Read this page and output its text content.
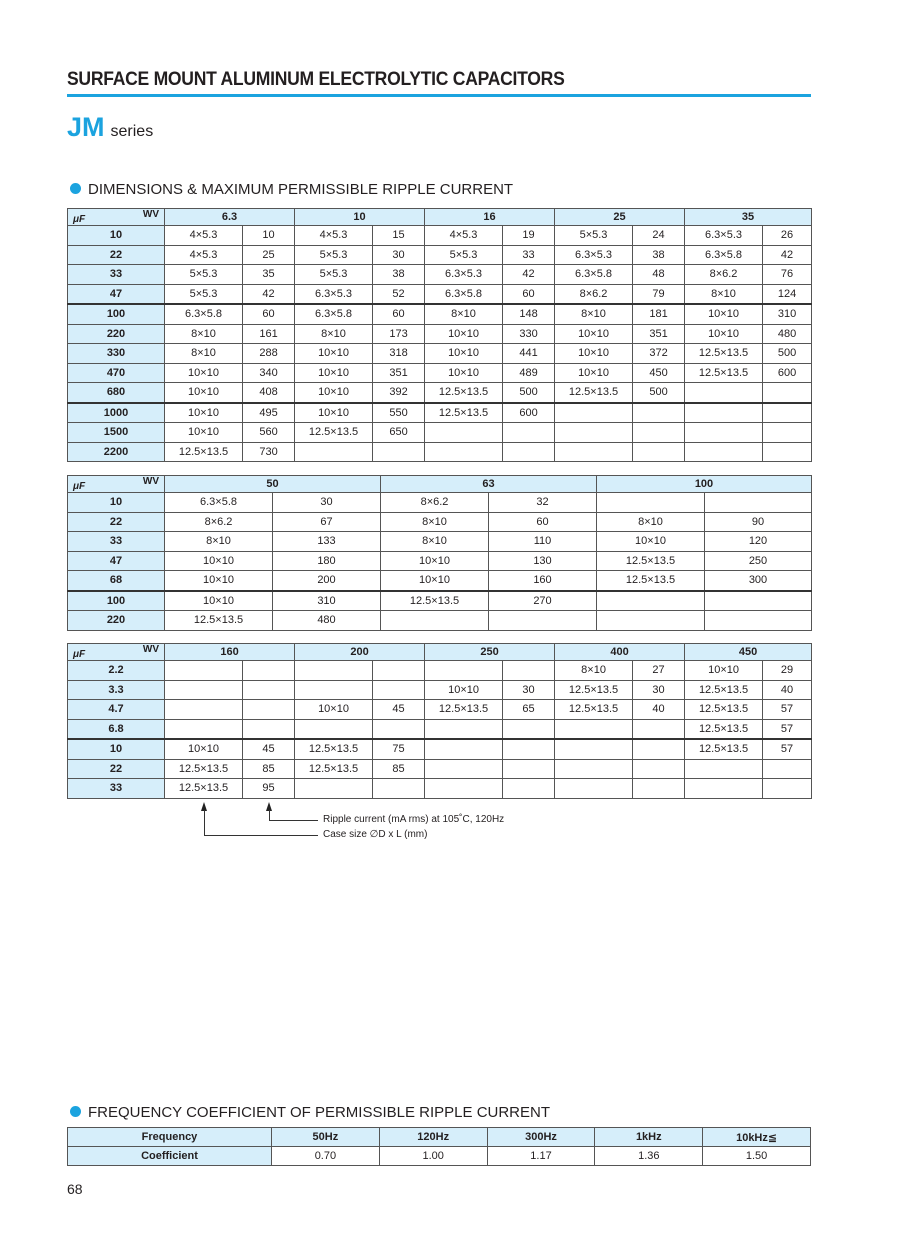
SURFACE MOUNT ALUMINUM ELECTROLYTIC CAPACITORS
JM series
DIMENSIONS & MAXIMUM PERMISSIBLE RIPPLE CURRENT
WV
μF	6.3		10		16		25		35	
10	4×5.3	10	4×5.3	15	4×5.3	19	5×5.3	24	6.3×5.3	26
22	4×5.3	25	5×5.3	30	5×5.3	33	6.3×5.3	38	6.3×5.8	42
33	5×5.3	35	5×5.3	38	6.3×5.3	42	6.3×5.8	48	8×6.2	76
47	5×5.3	42	6.3×5.3	52	6.3×5.8	60	8×6.2	79	8×10	124
100	6.3×5.8	60	6.3×5.8	60	8×10	148	8×10	181	10×10	310
220	8×10	161	8×10	173	10×10	330	10×10	351	10×10	480
330	8×10	288	10×10	318	10×10	441	10×10	372	12.5×13.5	500
470	10×10	340	10×10	351	10×10	489	10×10	450	12.5×13.5	600
680	10×10	408	10×10	392	12.5×13.5	500	12.5×13.5	500		
1000	10×10	495	10×10	550	12.5×13.5	600				
1500	10×10	560	12.5×13.5	650						
2200	12.5×13.5	730								
WV
μF	50		63		100	
10	6.3×5.8	30	8×6.2	32		
22	8×6.2	67	8×10	60	8×10	90
33	8×10	133	8×10	110	10×10	120
47	10×10	180	10×10	130	12.5×13.5	250
68	10×10	200	10×10	160	12.5×13.5	300
100	10×10	310	12.5×13.5	270		
220	12.5×13.5	480				
WV
μF	160		200		250		400		450	
2.2							8×10	27	10×10	29
3.3					10×10	30	12.5×13.5	30	12.5×13.5	40
4.7			10×10	45	12.5×13.5	65	12.5×13.5	40	12.5×13.5	57
6.8									12.5×13.5	57
10	10×10	45	12.5×13.5	75					12.5×13.5	57
22	12.5×13.5	85	12.5×13.5	85						
33	12.5×13.5	95								
Ripple current (mA rms) at 105˚C, 120Hz
Case size ∅D x L (mm)
FREQUENCY COEFFICIENT OF PERMISSIBLE RIPPLE CURRENT
Frequency	50Hz	120Hz	300Hz	1kHz	10kHz≦
Coefficient	0.70	1.00	1.17	1.36	1.50
68
